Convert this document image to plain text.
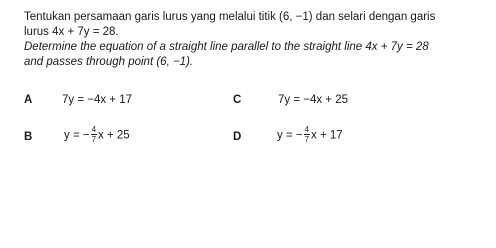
Tentukan persamaan garis lurus yang melalui titik (6, −1) dan selari dengan garis
lurus 4x + 7y = 28.
Determine the equation of a straight line parallel to the straight line 4x + 7y = 28
and passes through point (6, −1).
A	7y = −4x + 17	C	7y = −4x + 25
B	y = − $\frac{4}{7}$ x + 25	D	y = − $\frac{4}{7}$ x + 17
